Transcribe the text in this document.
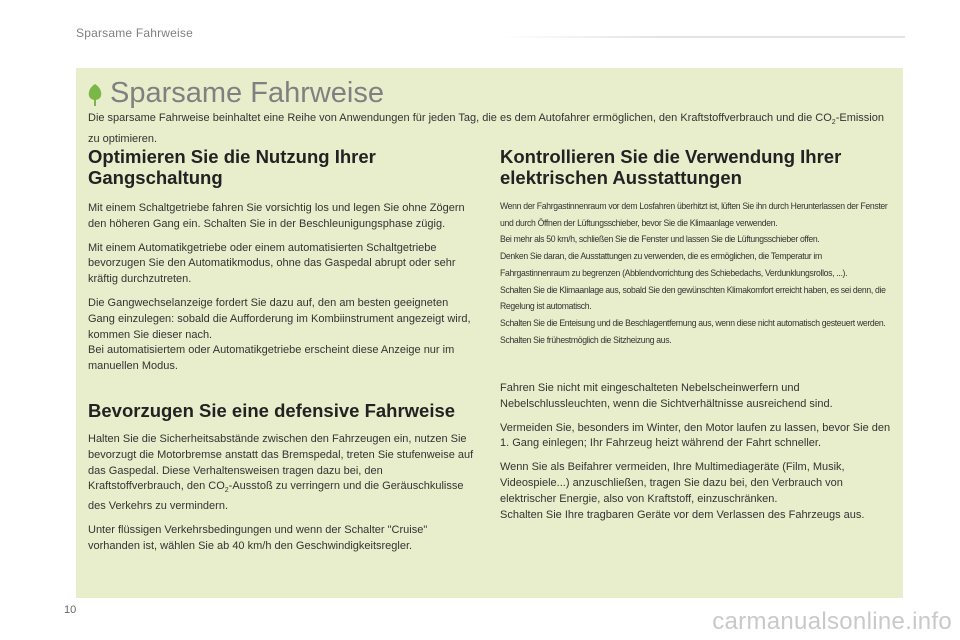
Sparsame Fahrweise
Sparsame Fahrweise

Die sparsame Fahrweise beinhaltet eine Reihe von Anwendungen für jeden Tag, die es dem Autofahrer ermöglichen, den Kraftstoffverbrauch und die $CO_2$-Emission zu optimieren.

Optimieren Sie die Nutzung Ihrer Gangschaltung

Mit einem Schaltgetriebe fahren Sie vorsichtig los und legen Sie ohne Zögern den höheren Gang ein. Schalten Sie in der Beschleunigungsphase zügig.

Mit einem Automatikgetriebe oder einem automatisierten Schaltgetriebe bevorzugen Sie den Automatikmodus, ohne das Gaspedal abrupt oder sehr kräftig durchzutreten.

Die Gangwechselanzeige fordert Sie dazu auf, den am besten geeigneten Gang einzulegen: sobald die Aufforderung im Kombiinstrument angezeigt wird, kommen Sie dieser nach.

Bei automatisiertem oder Automatikgetriebe erscheint diese Anzeige nur im manuellen Modus.

Bevorzugen Sie eine defensive Fahrweise

Halten Sie die Sicherheitsabstände zwischen den Fahrzeugen ein, nutzen Sie bevorzugt die Motorbremse anstatt das Bremspedal, treten Sie stufenweise auf das Gaspedal. Diese Verhaltensweisen tragen dazu bei, den Kraftstoffverbrauch, den $CO_2$-Ausstoß zu verringern und die Geräuschkulisse des Verkehrs zu vermindern.

Unter flüssigen Verkehrsbedingungen und wenn der Schalter "Cruise" vorhanden ist, wählen Sie ab 40 km/h den Geschwindigkeitsregler.

Kontrollieren Sie die Verwendung Ihrer elektrischen Ausstattungen

Wenn der Fahrgastinnenraum vor dem Losfahren überhitzt ist, lüften Sie ihn durch Herunterlassen der Fenster und durch Öffnen der Lüftungsschieber, bevor Sie die Klimaanlage verwenden.

Bei mehr als 50 km/h, schließen Sie die Fenster und lassen Sie die Lüftungsschieber offen.

Denken Sie daran, die Ausstattungen zu verwenden, die es ermöglichen, die Temperatur im Fahrgastinnenraum zu begrenzen (Abblendvorrichtung des Schiebedachs, Verdunklungsrollos, ...).

Schalten Sie die Klimaanlage aus, sobald Sie den gewünschten Klimakomfort erreicht haben, es sei denn, die Regelung ist automatisch.

Schalten Sie die Enteisung und die Beschlagentfernung aus, wenn diese nicht automatisch gesteuert werden.

Schalten Sie frühestmöglich die Sitzheizung aus.

Fahren Sie nicht mit eingeschalteten Nebelscheinwerfern und Nebelschlussleuchten, wenn die Sichtverhältnisse ausreichend sind.

Vermeiden Sie, besonders im Winter, den Motor laufen zu lassen, bevor Sie den 1. Gang einlegen; Ihr Fahrzeug heizt während der Fahrt schneller.

Wenn Sie als Beifahrer vermeiden, Ihre Multimediageräte (Film, Musik, Videospiele...) anzuschließen, tragen Sie dazu bei, den Verbrauch von elektrischer Energie, also von Kraftstoff, einzuschränken.

Schalten Sie Ihre tragbaren Geräte vor dem Verlassen des Fahrzeugs aus.

10	carmanualsonline.info
